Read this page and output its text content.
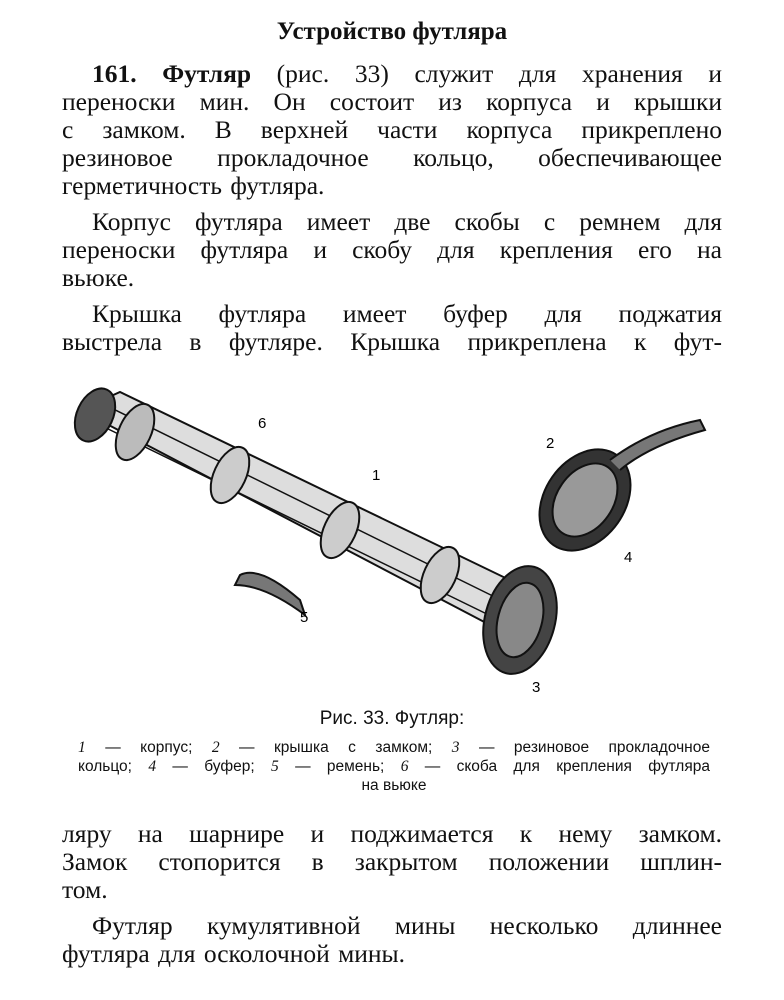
Устройство футляра
161. Футляр (рис. 33) служит для хранения и
переноски мин. Он состоит из корпуса и крышки
с замком. В верхней части корпуса прикреплено
резиновое прокладочное кольцо, обеспечивающее
герметичность футляра.
Корпус футляра имеет две скобы с ремнем для
переноски футляра и скобу для крепления его на
вьюке.
Крышка футляра имеет буфер для поджатия
выстрела в футляре. Крышка прикреплена к фут-
6
1
2
4
5
3
Рис. 33. Футляр:
1 — корпус; 2 — крышка с замком; 3 — резиновое прокладочное
кольцо; 4 — буфер; 5 — ремень; 6 — скоба для крепления футляра
на вьюке
ляру на шарнире и поджимается к нему замком.
Замок стопорится в закрытом положении шплин-
том.
Футляр кумулятивной мины несколько длиннее
футляра для осколочной мины.
